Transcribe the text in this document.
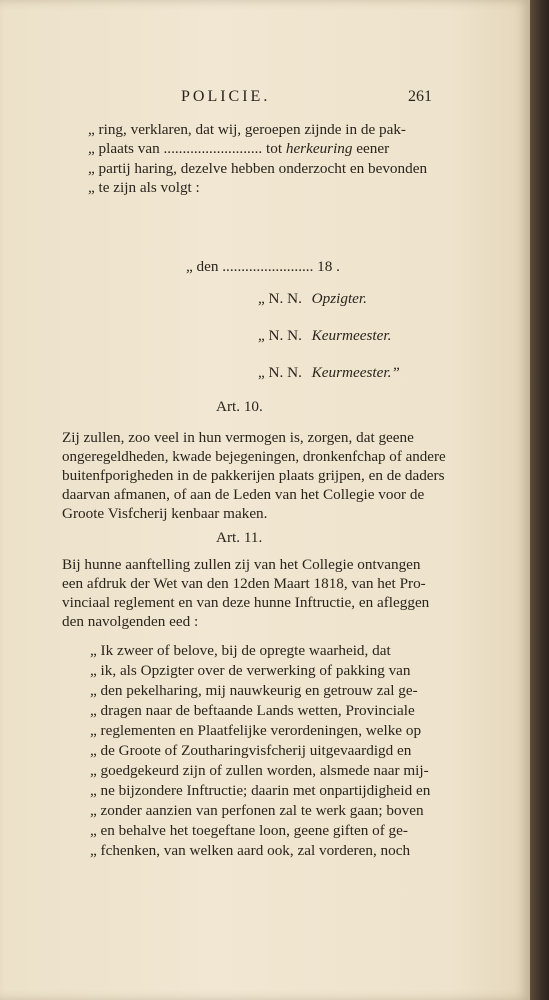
POLICIE.	261
„ ring, verklaren, dat wij, geroepen zijnde in de pak-
„ plaats van .......................... tot herkeuring eener
„ partij haring, dezelve hebben onderzocht en bevonden
„ te zijn als volgt :
„ den ........................ 18 .
„ N. N. Opzigter.
„ N. N. Keurmeester.
„ N. N. Keurmeester.”
Art. 10.
Zij zullen, zoo veel in hun vermogen is, zorgen, dat geene
ongeregeldheden, kwade bejegeningen, dronkenfchap of andere
buitenfporigheden in de pakkerijen plaats grijpen, en de daders
daarvan afmanen, of aan de Leden van het Collegie voor de
Groote Visfcherij kenbaar maken.
Art. 11.
Bij hunne aanftelling zullen zij van het Collegie ontvangen
een afdruk der Wet van den 12den Maart 1818, van het Pro-
vinciaal reglement en van deze hunne Inftructie, en afleggen
den navolgenden eed :
„ Ik zweer of belove, bij de opregte waarheid, dat
„ ik, als Opzigter over de verwerking of pakking van
„ den pekelharing, mij nauwkeurig en getrouw zal ge-
„ dragen naar de beftaande Lands wetten, Provinciale
„ reglementen en Plaatfelijke verordeningen, welke op
„ de Groote of Zoutharingvisfcherij uitgevaardigd en
„ goedgekeurd zijn of zullen worden, alsmede naar mij-
„ ne bijzondere Inftructie; daarin met onpartijdigheid en
„ zonder aanzien van perfonen zal te werk gaan; boven
„ en behalve het toegeftane loon, geene giften of ge-
„ fchenken, van welken aard ook, zal vorderen, noch
